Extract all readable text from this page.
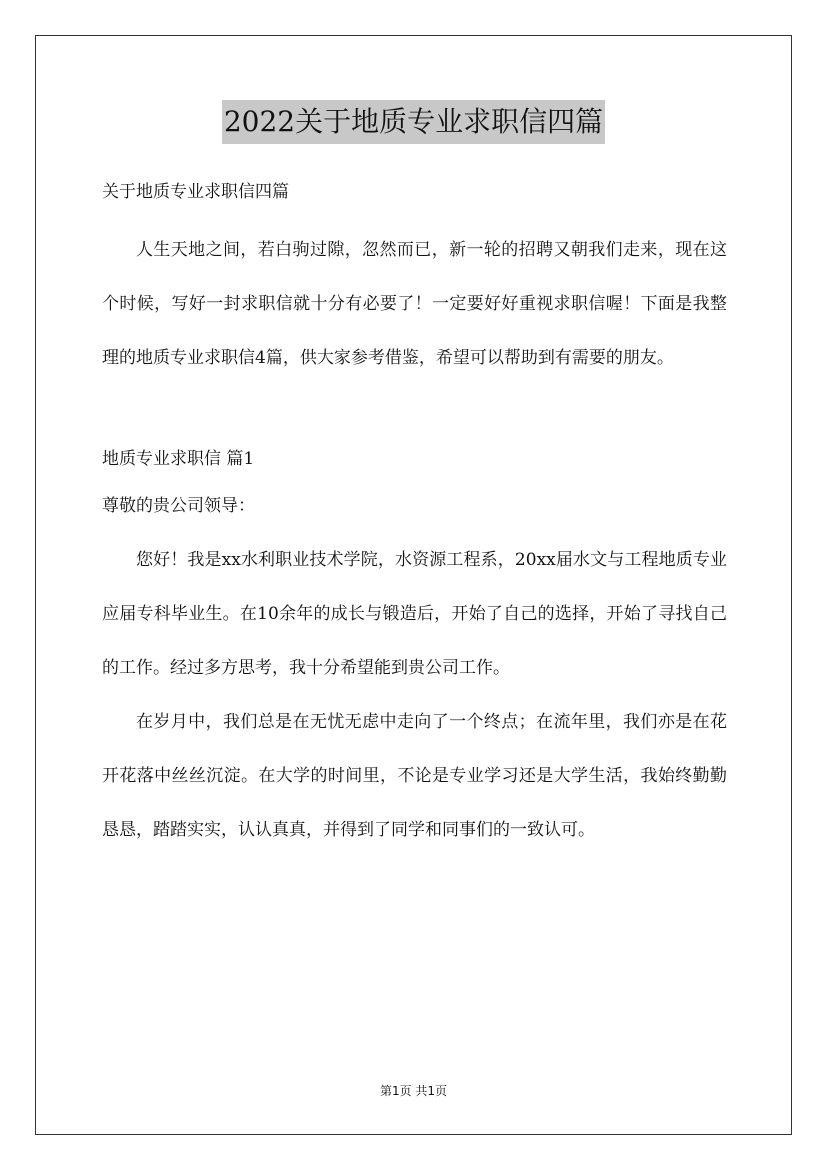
2022关于地质专业求职信四篇
关于地质专业求职信四篇
人生天地之间，若白驹过隙，忽然而已，新一轮的招聘又朝我们走来，现在这个时候，写好一封求职信就十分有必要了！一定要好好重视求职信喔！下面是我整理的地质专业求职信4篇，供大家参考借鉴，希望可以帮助到有需要的朋友。
地质专业求职信 篇1
尊敬的贵公司领导：
您好！我是xx水利职业技术学院，水资源工程系，20xx届水文与工程地质专业应届专科毕业生。在10余年的成长与锻造后，开始了自己的选择，开始了寻找自己的工作。经过多方思考，我十分希望能到贵公司工作。
在岁月中，我们总是在无忧无虑中走向了一个终点；在流年里，我们亦是在花开花落中丝丝沉淀。在大学的时间里，不论是专业学习还是大学生活，我始终勤勤恳恳，踏踏实实，认认真真，并得到了同学和同事们的一致认可。
第1页 共1页
